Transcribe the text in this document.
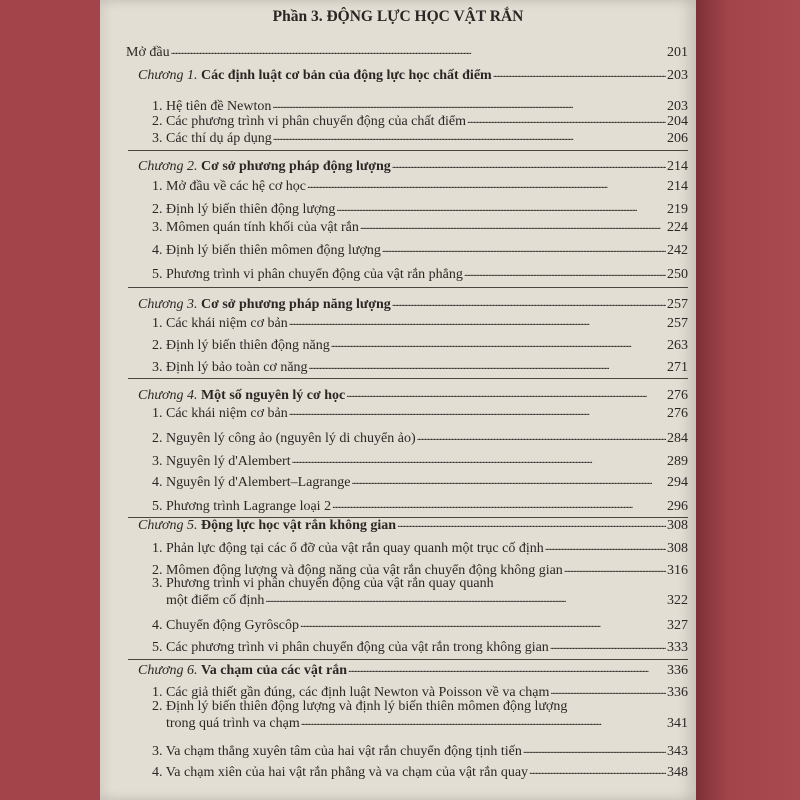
Phần 3. ĐỘNG LỰC HỌC VẬT RẮN
Mở đầu . . .	201
Chương 1. Các định luật cơ bản của động lực học chất điểm . . .	203
1. Hệ tiên đề Newton . . .	203
2. Các phương trình vi phân chuyển động của chất điểm . . .	204
3. Các thí dụ áp dụng . . .	206
Chương 2. Cơ sở phương pháp động lượng . . .	214
1. Mở đầu về các hệ cơ học . . .	214
2. Định lý biến thiên động lượng . . .	219
3. Mômen quán tính khối của vật rắn . . .	224
4. Định lý biến thiên mômen động lượng . . .	242
5. Phương trình vi phân chuyển động của vật rắn phẳng . . .	250
Chương 3. Cơ sở phương pháp năng lượng . . .	257
1. Các khái niệm cơ bản . . .	257
2. Định lý biến thiên động năng . . .	263
3. Định lý bảo toàn cơ năng . . .	271
Chương 4. Một số nguyên lý cơ học . . .	276
1. Các khái niệm cơ bản . . .	276
2. Nguyên lý công ảo (nguyên lý di chuyển ảo) . . .	284
3. Nguyên lý d'Alembert . . .	289
4. Nguyên lý d'Alembert–Lagrange . . .	294
5. Phương trình Lagrange loại 2 . . .	296
Chương 5. Động lực học vật rắn không gian . . .	308
1. Phản lực động tại các ổ đỡ của vật rắn quay quanh một trục cố định . . .	308
2. Mômen động lượng và động năng của vật rắn chuyển động không gian . . .	316
3. Phương trình vi phân chuyển động của vật rắn quay quanh
một điểm cố định . . .	322
4. Chuyển động Gyrôscôp . . .	327
5. Các phương trình vi phân chuyển động của vật rắn trong không gian . . .	333
Chương 6. Va chạm của các vật rắn . . .	336
1. Các giả thiết gần đúng, các định luật Newton và Poisson về va chạm . . .	336
2. Định lý biến thiên động lượng và định lý biến thiên mômen động lượng
trong quá trình va chạm . . .	341
3. Va chạm thẳng xuyên tâm của hai vật rắn chuyển động tịnh tiến . . .	343
4. Va chạm xiên của hai vật rắn phẳng và va chạm của vật rắn quay . . .	348
